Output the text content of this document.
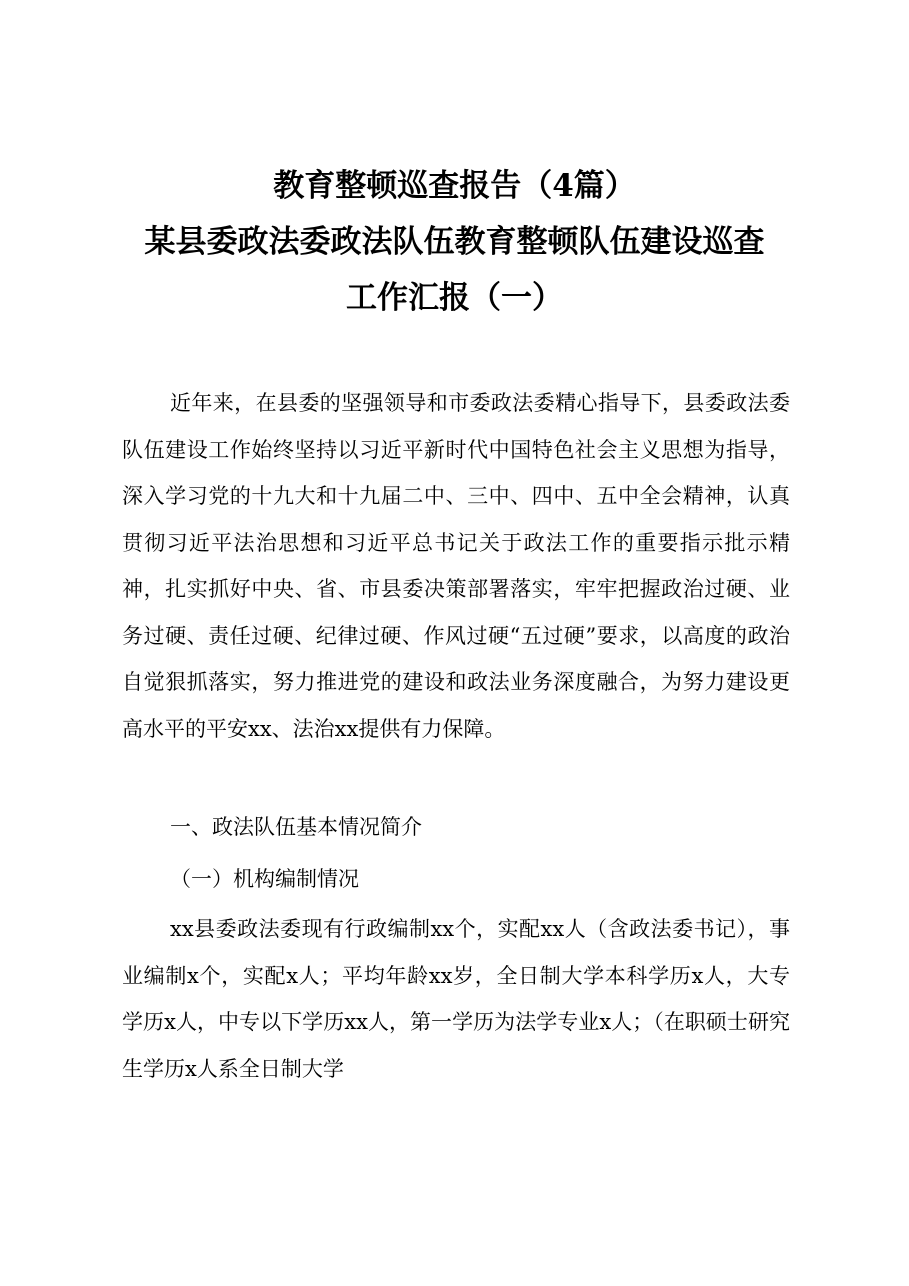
教育整顿巡查报告（4篇）
某县委政法委政法队伍教育整顿队伍建设巡查
工作汇报（一）

近年来，在县委的坚强领导和市委政法委精心指导下，县委政法委队伍建设工作始终坚持以习近平新时代中国特色社会主义思想为指导，深入学习党的十九大和十九届二中、三中、四中、五中全会精神，认真贯彻习近平法治思想和习近平总书记关于政法工作的重要指示批示精神，扎实抓好中央、省、市县委决策部署落实，牢牢把握政治过硬、业务过硬、责任过硬、纪律过硬、作风过硬“五过硬”要求，以高度的政治自觉狠抓落实，努力推进党的建设和政法业务深度融合，为努力建设更高水平的平安xx、法治xx提供有力保障。

一、政法队伍基本情况简介

（一）机构编制情况

xx县委政法委现有行政编制xx个，实配xx人（含政法委书记），事业编制x个，实配x人；平均年龄xx岁，全日制大学本科学历x人，大专学历x人，中专以下学历xx人，第一学历为法学专业x人；（在职硕士研究生学历x人系全日制大学
